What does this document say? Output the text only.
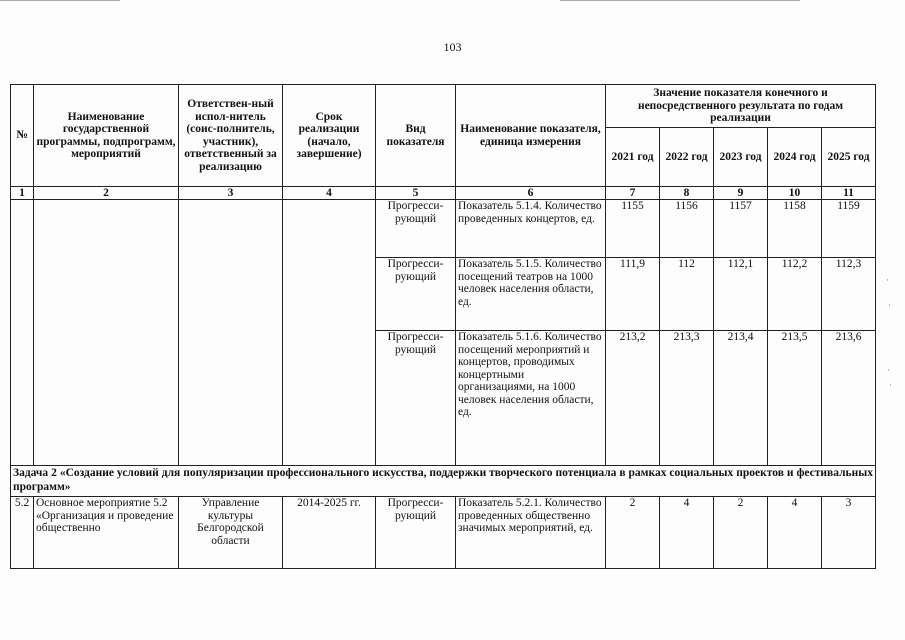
103
№	Наименование государственной программы, подпрограмм, мероприятий	Ответствен-ный испол-нитель (соис-полнитель, участник), ответственный за реализацию	Срок реализации (начало, завершение)	Вид показателя	Наименование показателя, единица измерения	Значение показателя конечного и непосредственного результата по годам реализации				
						2021 год	2022 год	2023 год	2024 год	2025 год
1	2	3	4	5	6	7	8	9	10	11
				Прогресси-рующий	Показатель 5.1.4. Количество проведенных концертов, ед.	1155	1156	1157	1158	1159
				Прогресси-рующий	Показатель 5.1.5. Количество посещений театров на 1000 человек населения области, ед.	111,9	112	112,1	112,2	112,3
				Прогресси-рующий	Показатель 5.1.6. Количество посещений мероприятий и концертов, проводимых концертными организациями, на 1000 человек населения области, ед.	213,2	213,3	213,4	213,5	213,6
Задача 2 «Создание условий для популяризации профессионального искусства, поддержки творческого потенциала в рамках социальных проектов и фестивальных программ»										
5.2	Основное мероприятие 5.2 «Организация и проведение общественно	Управление культуры Белгородской области	2014-2025 гг.	Прогресси-рующий	Показатель 5.2.1. Количество проведенных общественно значимых мероприятий, ед.	2	4	2	4	3
·
·
·
·
